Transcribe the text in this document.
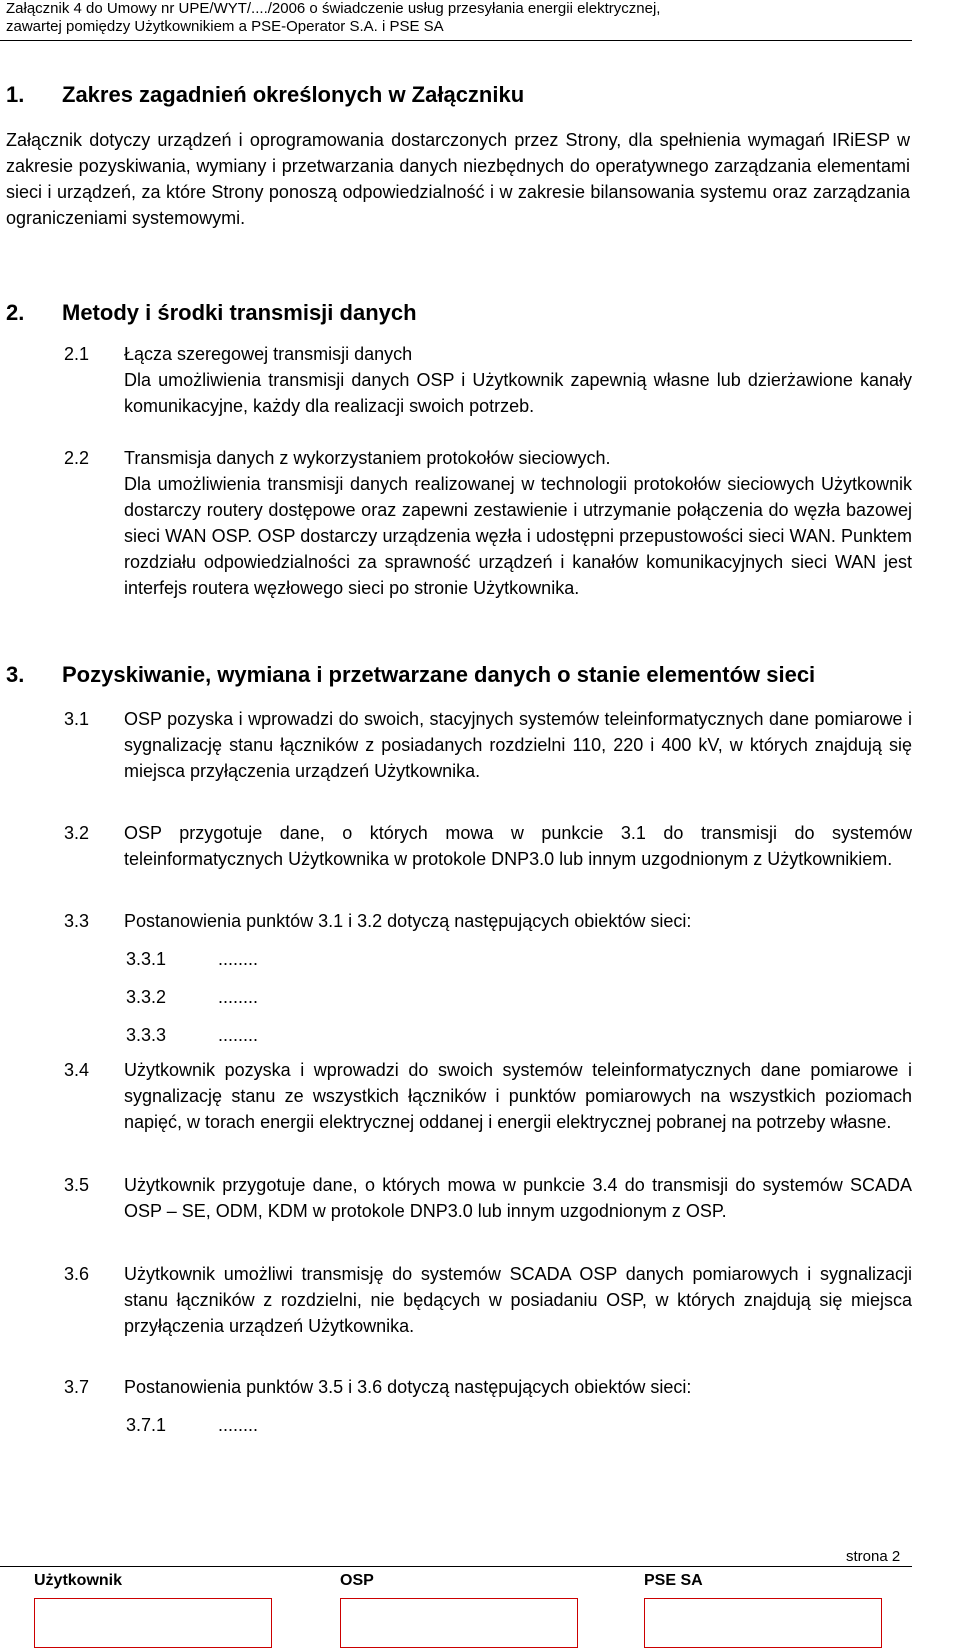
Załącznik 4 do Umowy nr UPE/WYT/..../2006 o świadczenie usług przesyłania energii elektrycznej,
zawartej pomiędzy Użytkownikiem a PSE-Operator S.A. i PSE SA
1. Zakres zagadnień określonych w Załączniku
Załącznik dotyczy urządzeń i oprogramowania dostarczonych przez Strony, dla spełnienia wymagań IRiESP w zakresie pozyskiwania, wymiany i przetwarzania danych niezbędnych do operatywnego zarządzania elementami sieci i urządzeń, za które Strony ponoszą odpowiedzialność i w zakresie bilansowania systemu oraz zarządzania ograniczeniami systemowymi.
2. Metody i środki transmisji danych
2.1 Łącza szeregowej transmisji danych
Dla umożliwienia transmisji danych OSP i Użytkownik zapewnią własne lub dzierżawione kanały komunikacyjne, każdy dla realizacji swoich potrzeb.
2.2 Transmisja danych z wykorzystaniem protokołów sieciowych.
Dla umożliwienia transmisji danych realizowanej w technologii protokołów sieciowych Użytkownik dostarczy routery dostępowe oraz zapewni zestawienie i utrzymanie połączenia do węzła bazowej sieci WAN OSP. OSP dostarczy urządzenia węzła i udostępni przepustowości sieci WAN. Punktem rozdziału odpowiedzialności za sprawność urządzeń i kanałów komunikacyjnych sieci WAN jest interfejs routera węzłowego sieci po stronie Użytkownika.
3. Pozyskiwanie, wymiana i przetwarzane danych o stanie elementów sieci
3.1 OSP pozyska i wprowadzi do swoich, stacyjnych systemów teleinformatycznych dane pomiarowe i sygnalizację stanu łączników z posiadanych rozdzielni 110, 220 i 400 kV, w których znajdują się miejsca przyłączenia urządzeń Użytkownika.
3.2 OSP przygotuje dane, o których mowa w punkcie 3.1 do transmisji do systemów teleinformatycznych Użytkownika w protokole DNP3.0 lub innym uzgodnionym z Użytkownikiem.
3.3 Postanowienia punktów 3.1 i 3.2 dotyczą następujących obiektów sieci:
3.3.1	........
3.3.2	........
3.3.3	........
3.4 Użytkownik pozyska i wprowadzi do swoich systemów teleinformatycznych dane pomiarowe i sygnalizację stanu ze wszystkich łączników i punktów pomiarowych na wszystkich poziomach napięć, w torach energii elektrycznej oddanej i energii elektrycznej pobranej na potrzeby własne.
3.5 Użytkownik przygotuje dane, o których mowa w punkcie 3.4 do transmisji do systemów SCADA OSP – SE, ODM, KDM w protokole DNP3.0 lub innym uzgodnionym z OSP.
3.6 Użytkownik umożliwi transmisję do systemów SCADA OSP danych pomiarowych i sygnalizacji stanu łączników z rozdzielni, nie będących w posiadaniu OSP, w których znajdują się miejsca przyłączenia urządzeń Użytkownika.
3.7 Postanowienia punktów 3.5 i 3.6 dotyczą następujących obiektów sieci:
3.7.1	........
strona 2
Użytkownik	OSP	PSE SA
